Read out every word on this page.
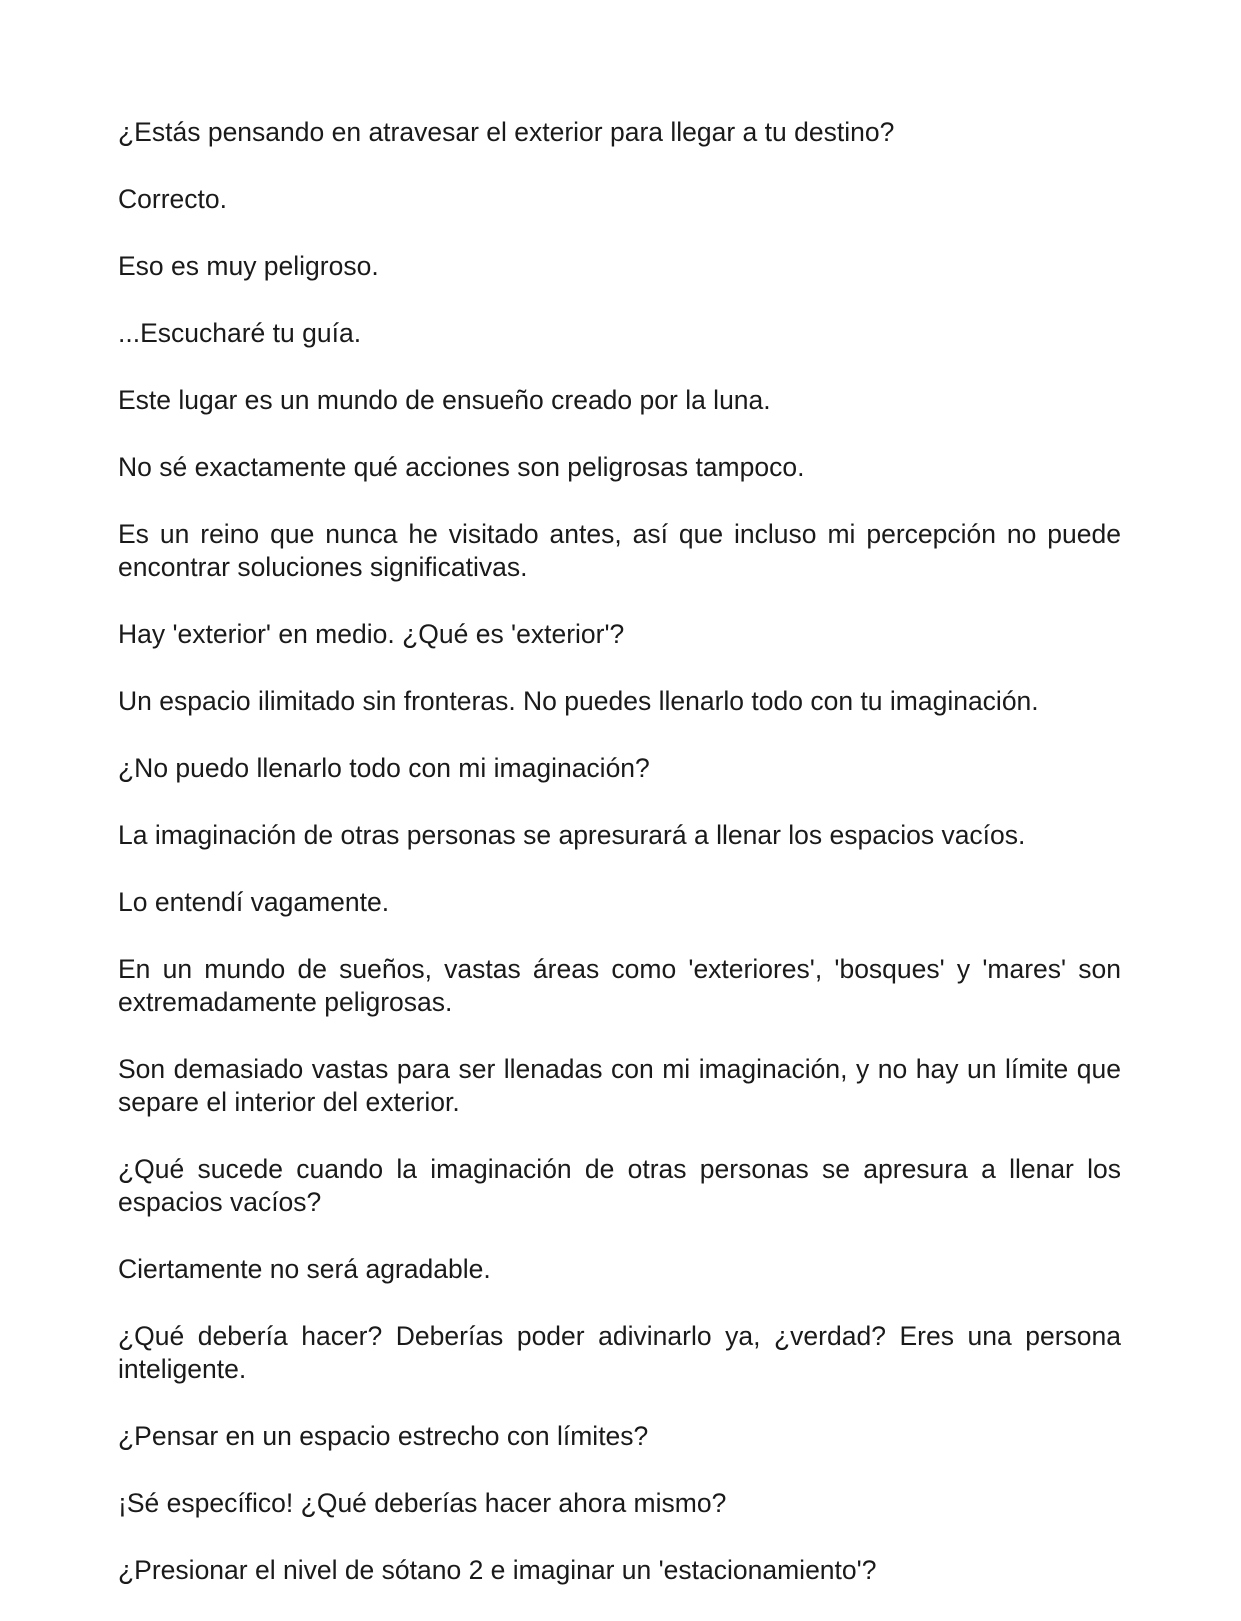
¿Estás pensando en atravesar el exterior para llegar a tu destino?

Correcto.

Eso es muy peligroso.

...Escucharé tu guía.

Este lugar es un mundo de ensueño creado por la luna.

No sé exactamente qué acciones son peligrosas tampoco.

Es un reino que nunca he visitado antes, así que incluso mi percepción no puede encontrar soluciones significativas.

Hay 'exterior' en medio. ¿Qué es 'exterior'?

Un espacio ilimitado sin fronteras. No puedes llenarlo todo con tu imaginación.

¿No puedo llenarlo todo con mi imaginación?

La imaginación de otras personas se apresurará a llenar los espacios vacíos.

Lo entendí vagamente.

En un mundo de sueños, vastas áreas como 'exteriores', 'bosques' y 'mares' son extremadamente peligrosas.

Son demasiado vastas para ser llenadas con mi imaginación, y no hay un límite que separe el interior del exterior.

¿Qué sucede cuando la imaginación de otras personas se apresura a llenar los espacios vacíos?

Ciertamente no será agradable.

¿Qué debería hacer? Deberías poder adivinarlo ya, ¿verdad? Eres una persona inteligente.

¿Pensar en un espacio estrecho con límites?

¡Sé específico! ¿Qué deberías hacer ahora mismo?

¿Presionar el nivel de sótano 2 e imaginar un 'estacionamiento'?
